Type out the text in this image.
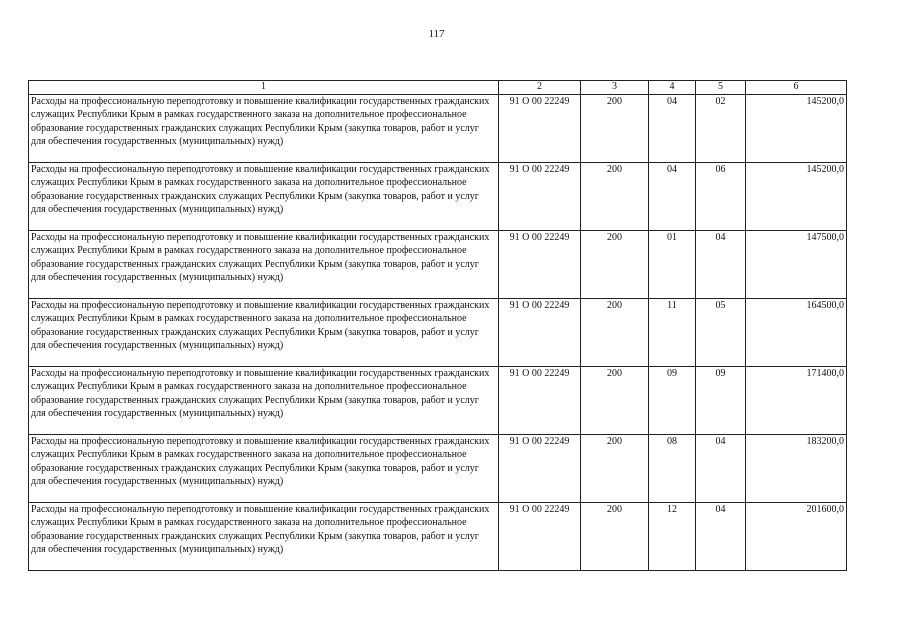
117
1	2	3	4	5	6
Расходы на профессиональную переподготовку и повышение квалификации государственных гражданских служащих Республики Крым в рамках государственного заказа на дополнительное профессиональное образование государственных гражданских служащих Республики Крым (закупка товаров, работ и услуг для обеспечения государственных (муниципальных) нужд)	91 О 00 22249	200	04	02	145200,0
Расходы на профессиональную переподготовку и повышение квалификации государственных гражданских служащих Республики Крым в рамках государственного заказа на дополнительное профессиональное образование государственных гражданских служащих Республики Крым (закупка товаров, работ и услуг для обеспечения государственных (муниципальных) нужд)	91 О 00 22249	200	04	06	145200,0
Расходы на профессиональную переподготовку и повышение квалификации государственных гражданских служащих Республики Крым в рамках государственного заказа на дополнительное профессиональное образование государственных гражданских служащих Республики Крым (закупка товаров, работ и услуг для обеспечения государственных (муниципальных) нужд)	91 О 00 22249	200	01	04	147500,0
Расходы на профессиональную переподготовку и повышение квалификации государственных гражданских служащих Республики Крым в рамках государственного заказа на дополнительное профессиональное образование государственных гражданских служащих Республики Крым (закупка товаров, работ и услуг для обеспечения государственных (муниципальных) нужд)	91 О 00 22249	200	11	05	164500,0
Расходы на профессиональную переподготовку и повышение квалификации государственных гражданских служащих Республики Крым в рамках государственного заказа на дополнительное профессиональное образование государственных гражданских служащих Республики Крым (закупка товаров, работ и услуг для обеспечения государственных (муниципальных) нужд)	91 О 00 22249	200	09	09	171400,0
Расходы на профессиональную переподготовку и повышение квалификации государственных гражданских служащих Республики Крым в рамках государственного заказа на дополнительное профессиональное образование государственных гражданских служащих Республики Крым (закупка товаров, работ и услуг для обеспечения государственных (муниципальных) нужд)	91 О 00 22249	200	08	04	183200,0
Расходы на профессиональную переподготовку и повышение квалификации государственных гражданских служащих Республики Крым в рамках государственного заказа на дополнительное профессиональное образование государственных гражданских служащих Республики Крым (закупка товаров, работ и услуг для обеспечения государственных (муниципальных) нужд)	91 О 00 22249	200	12	04	201600,0
